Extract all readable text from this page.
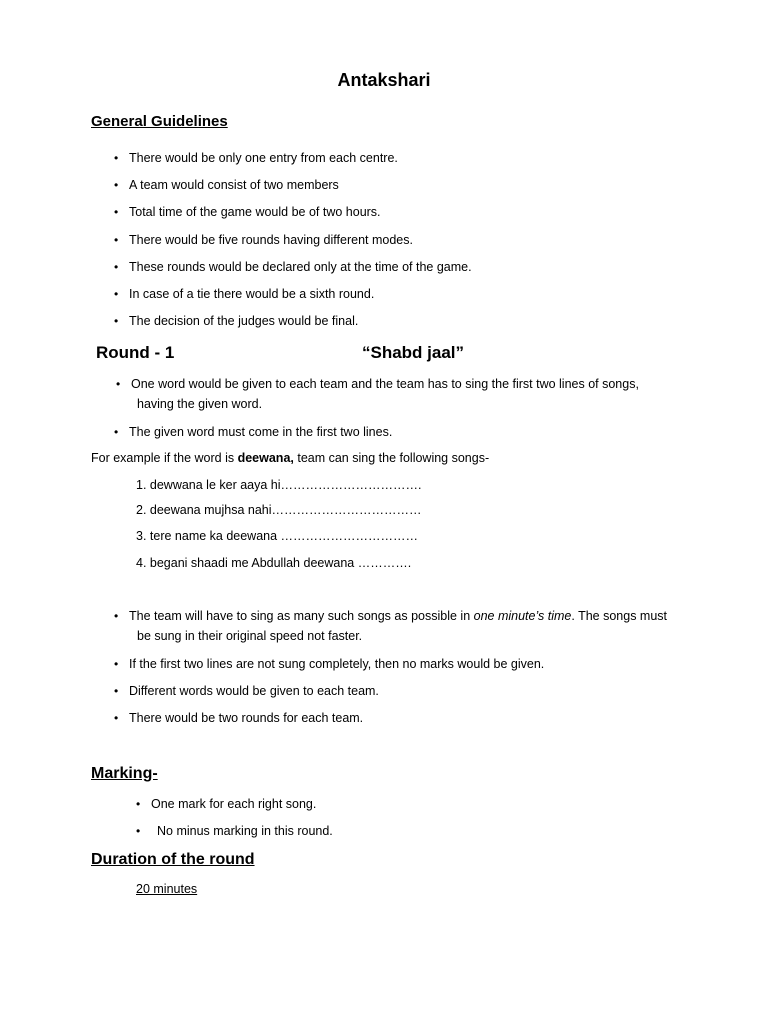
Antakshari
General Guidelines
• There would be only one entry from each centre.
• A team would consist of two members
• Total time of the game would be of two hours.
• There would be five rounds having different modes.
• These rounds would be declared only at the time of the game.
• In case of a tie there would be a sixth round.
• The decision of the judges would be final.
Round - 1	“Shabd jaal”
• One word would be given to each team and the team has to sing the first two lines of songs,
having the given word.
• The given word must come in the first two lines.
For example if the word is deewana, team can sing the following songs-
1. dewwana le ker aaya hi…………………………….
2. deewana mujhsa nahi………………………………
3. tere name ka deewana ……………………………
4. begani shaadi me Abdullah deewana ………….
• The team will have to sing as many such songs as possible in one minute’s time. The songs must
be sung in their original speed not faster.
• If the first two lines are not sung completely, then no marks would be given.
• Different words would be given to each team.
• There would be two rounds for each team.
Marking-
• One mark for each right song.
• No minus marking in this round.
Duration of the round
20 minutes
